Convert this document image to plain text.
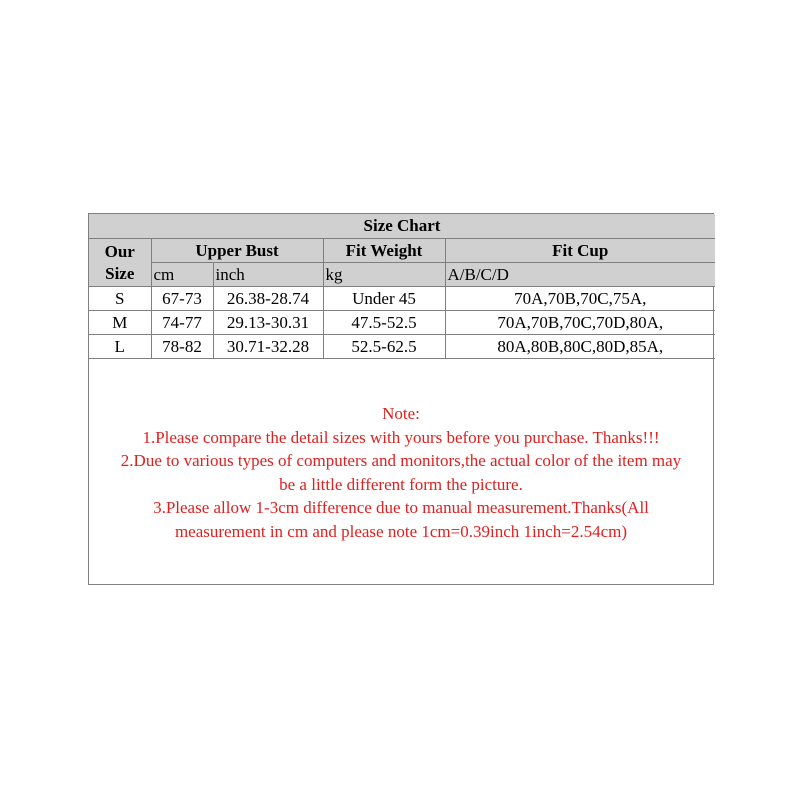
Size Chart				

Our
Size	Upper Bust		Fit Weight	Fit Cup
	cm	inch	kg	A/B/C/D
S	67-73	26.38-28.74	Under 45	70A,70B,70C,75A,
M	74-77	29.13-30.31	47.5-52.5	70A,70B,70C,70D,80A,
L	78-82	30.71-32.28	52.5-62.5	80A,80B,80C,80D,85A,
Note:
1.Please compare the detail sizes with yours before you purchase. Thanks!!!
2.Due to various types of computers and monitors,the actual color of the item may
be a little different form the picture.
3.Please allow 1-3cm difference due to manual measurement.Thanks(All
measurement in cm and please note 1cm=0.39inch 1inch=2.54cm)
